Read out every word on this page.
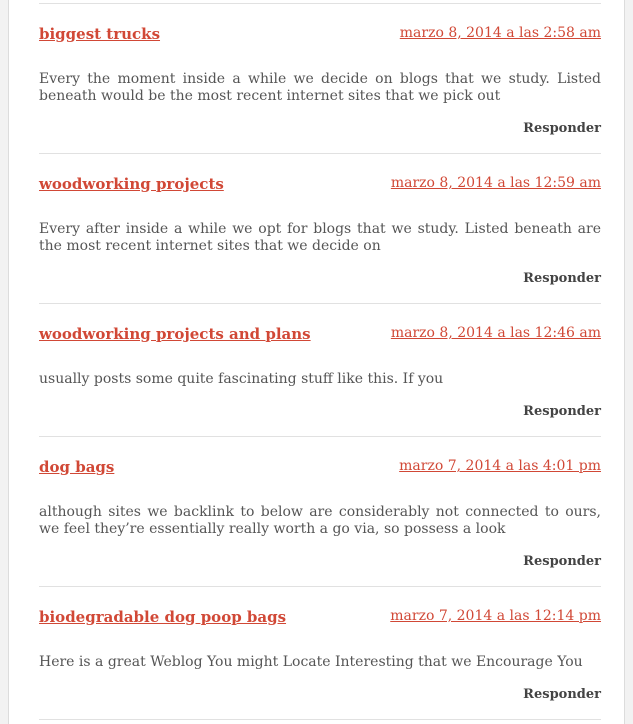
biggest trucks	marzo 8, 2014 a las 2:58 am

Every the moment inside a while we decide on blogs that we study. Listed beneath would be the most recent internet sites that we pick out

Responder
woodworking projects	marzo 8, 2014 a las 12:59 am

Every after inside a while we opt for blogs that we study. Listed beneath are the most recent internet sites that we decide on

Responder
woodworking projects and plans	marzo 8, 2014 a las 12:46 am

usually posts some quite fascinating stuff like this. If you

Responder
dog bags	marzo 7, 2014 a las 4:01 pm

although sites we backlink to below are considerably not connected to ours, we feel they’re essentially really worth a go via, so possess a look

Responder
biodegradable dog poop bags	marzo 7, 2014 a las 12:14 pm

Here is a great Weblog You might Locate Interesting that we Encourage You

Responder
